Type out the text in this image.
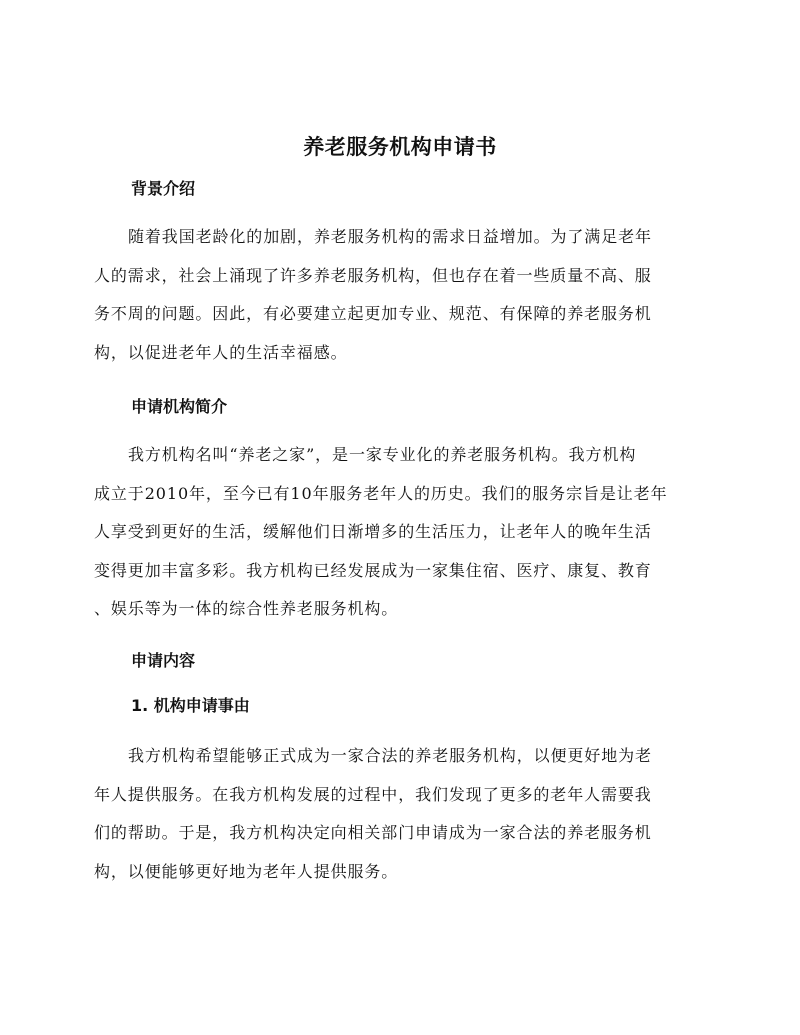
养老服务机构申请书
背景介绍
随着我国老龄化的加剧，养老服务机构的需求日益增加。为了满足老年
人的需求，社会上涌现了许多养老服务机构，但也存在着一些质量不高、服
务不周的问题。因此，有必要建立起更加专业、规范、有保障的养老服务机
构，以促进老年人的生活幸福感。
申请机构简介
我方机构名叫“养老之家”，是一家专业化的养老服务机构。我方机构
成立于2010年，至今已有10年服务老年人的历史。我们的服务宗旨是让老年
人享受到更好的生活，缓解他们日渐增多的生活压力，让老年人的晚年生活
变得更加丰富多彩。我方机构已经发展成为一家集住宿、医疗、康复、教育
、娱乐等为一体的综合性养老服务机构。
申请内容
1. 机构申请事由
我方机构希望能够正式成为一家合法的养老服务机构，以便更好地为老
年人提供服务。在我方机构发展的过程中，我们发现了更多的老年人需要我
们的帮助。于是，我方机构决定向相关部门申请成为一家合法的养老服务机
构，以便能够更好地为老年人提供服务。
